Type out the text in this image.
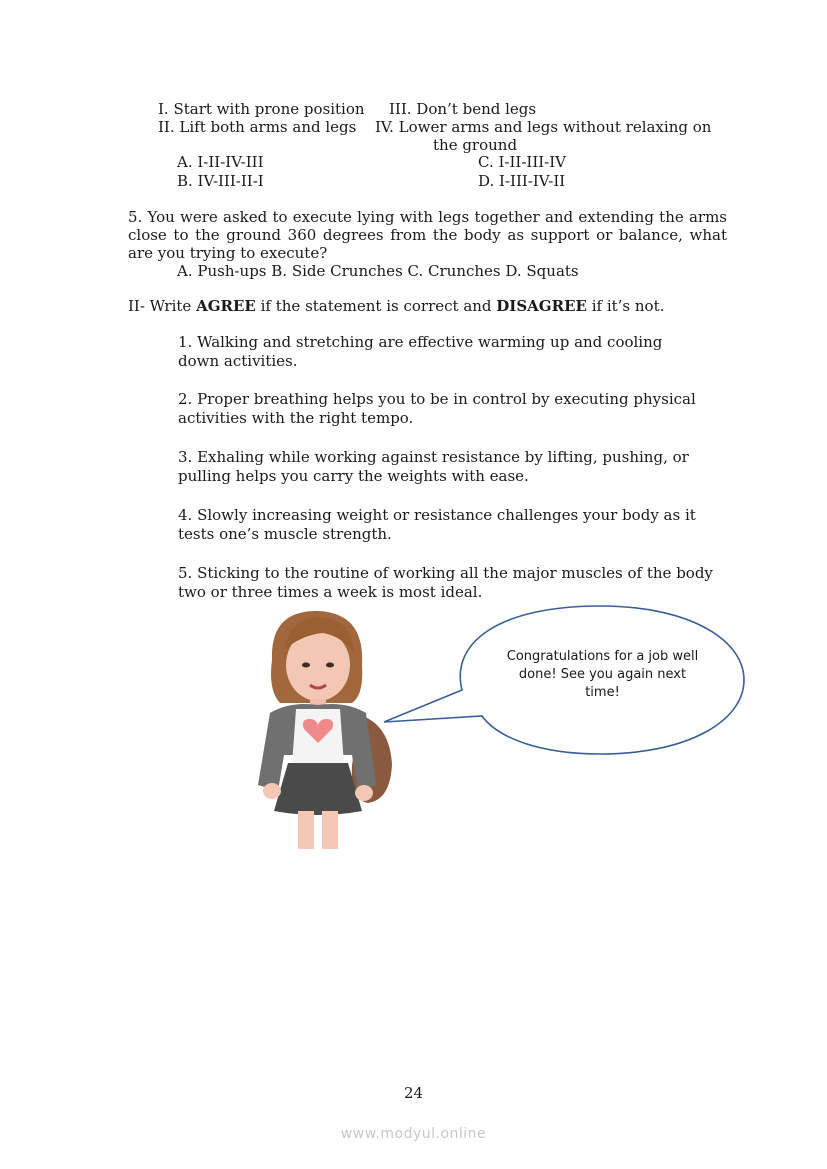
I. Start with prone position III. Don’t bend legs
II. Lift both arms and legs IV. Lower arms and legs without relaxing on
the ground
A. I-II-IV-III	C. I-II-III-IV
B. IV-III-II-I	D. I-III-IV-II
5. You were asked to execute lying with legs together and extending the arms close to the ground 360 degrees from the body as support or balance, what are you trying to execute?
A. Push-ups B. Side Crunches C. Crunches D. Squats
II- Write AGREE if the statement is correct and DISAGREE if it’s not.
1. Walking and stretching are effective warming up and cooling down activities.
2. Proper breathing helps you to be in control by executing physical activities with the right tempo.
3. Exhaling while working against resistance by lifting, pushing, or pulling helps you carry the weights with ease.
4. Slowly increasing weight or resistance challenges your body as it tests one’s muscle strength.
5. Sticking to the routine of working all the major muscles of the body two or three times a week is most ideal.
Congratulations for a job well done! See you again next time!
24
www.modyul.online
